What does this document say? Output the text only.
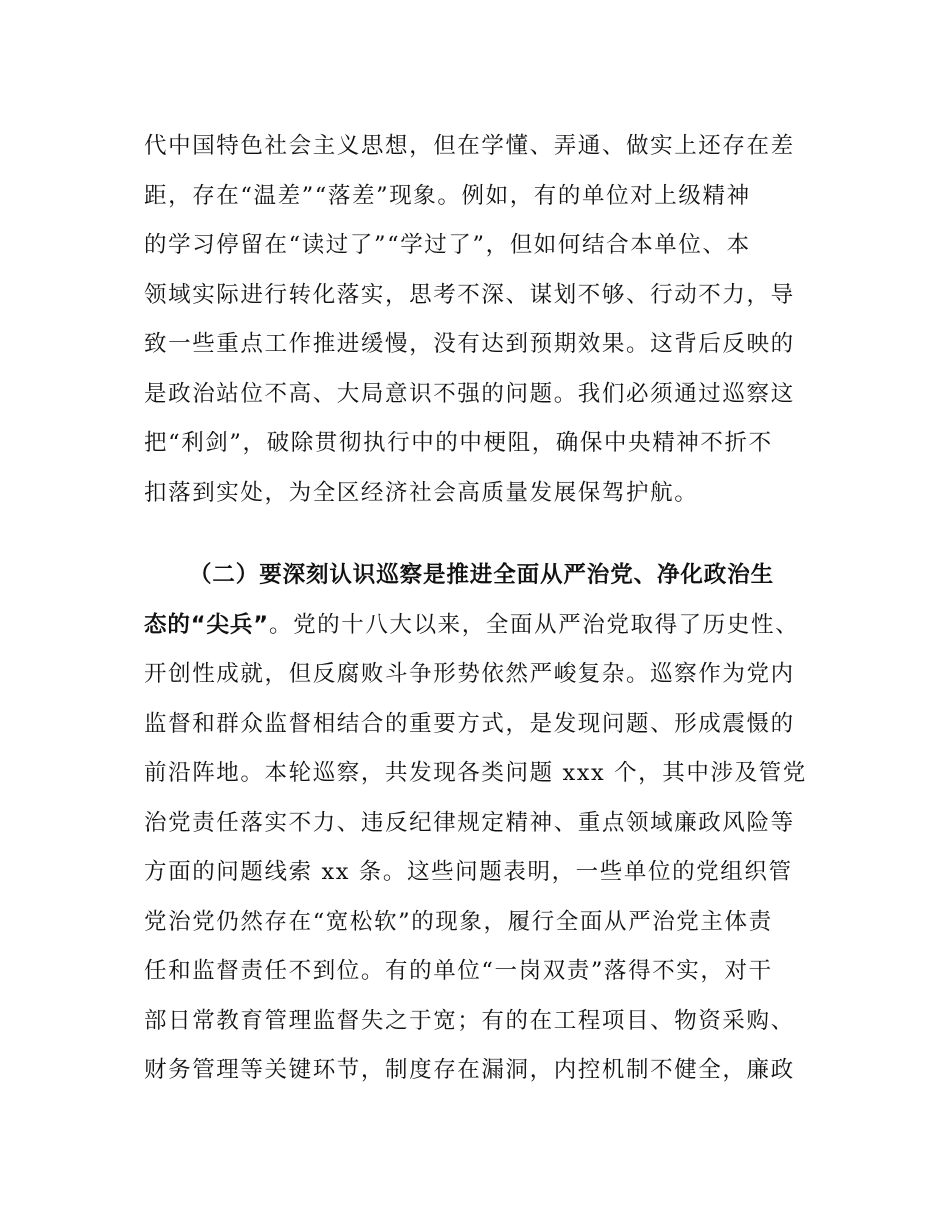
代中国特色社会主义思想，但在学懂、弄通、做实上还存在差
距，存在“温差”“落差”现象。例如，有的单位对上级精神
的学习停留在“读过了”“学过了”，但如何结合本单位、本
领域实际进行转化落实，思考不深、谋划不够、行动不力，导
致一些重点工作推进缓慢，没有达到预期效果。这背后反映的
是政治站位不高、大局意识不强的问题。我们必须通过巡察这
把“利剑”，破除贯彻执行中的中梗阻，确保中央精神不折不
扣落到实处，为全区经济社会高质量发展保驾护航。
（二）要深刻认识巡察是推进全面从严治党、净化政治生
态的“尖兵”。党的十八大以来，全面从严治党取得了历史性、
开创性成就，但反腐败斗争形势依然严峻复杂。巡察作为党内
监督和群众监督相结合的重要方式，是发现问题、形成震慑的
前沿阵地。本轮巡察，共发现各类问题 xxx 个，其中涉及管党
治党责任落实不力、违反纪律规定精神、重点领域廉政风险等
方面的问题线索 xx 条。这些问题表明，一些单位的党组织管
党治党仍然存在“宽松软”的现象，履行全面从严治党主体责
任和监督责任不到位。有的单位“一岗双责”落得不实，对干
部日常教育管理监督失之于宽；有的在工程项目、物资采购、
财务管理等关键环节，制度存在漏洞，内控机制不健全，廉政
